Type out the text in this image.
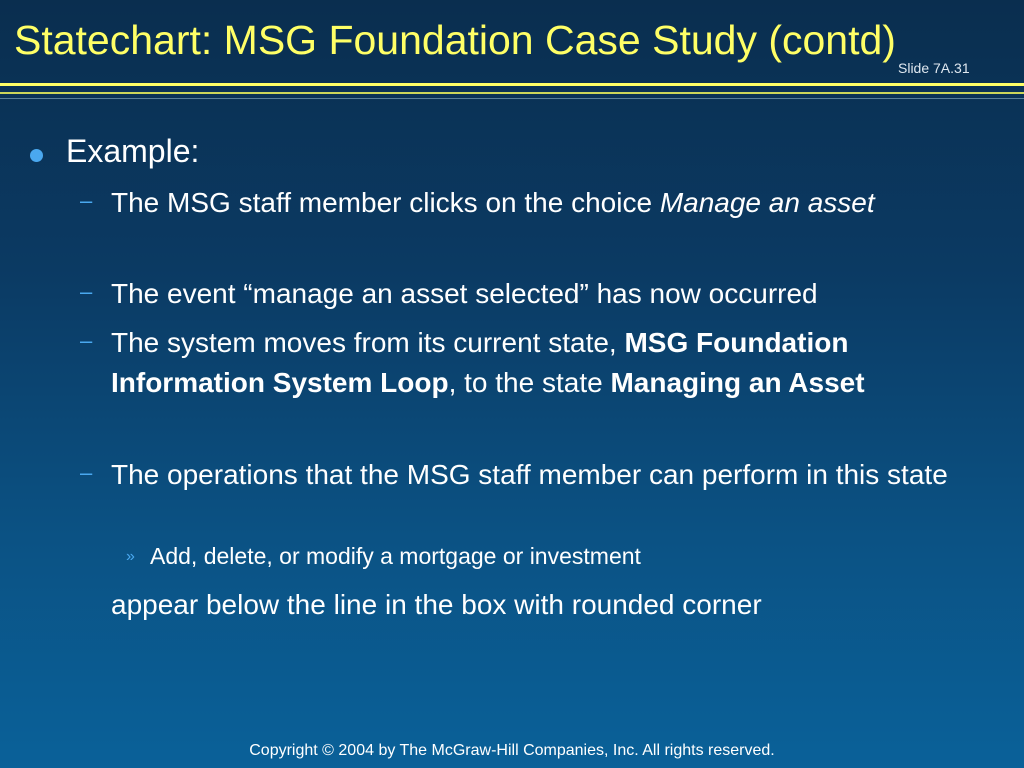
Statechart: MSG Foundation Case Study (contd)
Slide 7A.31
Example:
– The MSG staff member clicks on the choice Manage an asset
– The event “manage an asset selected” has now occurred
– The system moves from its current state, MSG Foundation Information System Loop, to the state Managing an Asset
– The operations that the MSG staff member can perform in this state
» Add, delete, or modify a mortgage or investment
appear below the line in the box with rounded corner
Copyright © 2004 by The McGraw-Hill Companies, Inc. All rights reserved.
